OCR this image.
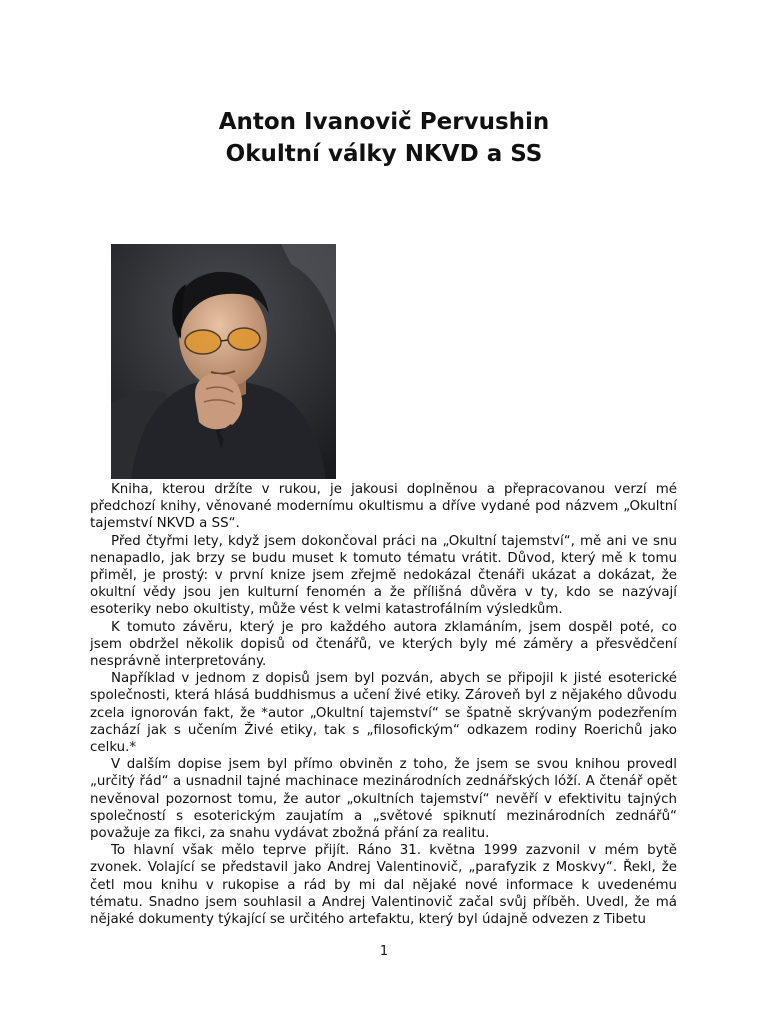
Anton Ivanovič Pervushin
Okultní války NKVD a SS

Kniha, kterou držíte v rukou, je jakousi doplněnou a přepracovanou verzí mé předchozí knihy, věnované modernímu okultismu a dříve vydané pod názvem „Okultní tajemství NKVD a SS“.

Před čtyřmi lety, když jsem dokončoval práci na „Okultní tajemství“, mě ani ve snu nenapadlo, jak brzy se budu muset k tomuto tématu vrátit. Důvod, který mě k tomu přiměl, je prostý: v první knize jsem zřejmě nedokázal čtenáři ukázat a dokázat, že okultní vědy jsou jen kulturní fenomén a že přílišná důvěra v ty, kdo se nazývají esoteriky nebo okultisty, může vést k velmi katastrofálním výsledkům.

K tomuto závěru, který je pro každého autora zklamáním, jsem dospěl poté, co jsem obdržel několik dopisů od čtenářů, ve kterých byly mé záměry a přesvědčení nesprávně interpretovány.

Například v jednom z dopisů jsem byl pozván, abych se připojil k jisté esoterické společnosti, která hlásá buddhismus a učení živé etiky. Zároveň byl z nějakého důvodu zcela ignorován fakt, že *autor „Okultní tajemství“ se špatně skrývaným podezřením zachází jak s učením Živé etiky, tak s „filosofickým“ odkazem rodiny Roerichů jako celku.*

V dalším dopise jsem byl přímo obviněn z toho, že jsem se svou knihou provedl „určitý řád“ a usnadnil tajné machinace mezinárodních zednářských lóží. A čtenář opět nevěnoval pozornost tomu, že autor „okultních tajemství“ nevěří v efektivitu tajných společností s esoterickým zaujatím a „světové spiknutí mezinárodních zednářů“ považuje za fikci, za snahu vydávat zbožná přání za realitu.

To hlavní však mělo teprve přijít. Ráno 31. května 1999 zazvonil v mém bytě zvonek. Volající se představil jako Andrej Valentinovič, „parafyzik z Moskvy“. Řekl, že četl mou knihu v rukopise a rád by mi dal nějaké nové informace k uvedenému tématu. Snadno jsem souhlasil a Andrej Valentinovič začal svůj příběh. Uvedl, že má nějaké dokumenty týkající se určitého artefaktu, který byl údajně odvezen z Tibetu

1
